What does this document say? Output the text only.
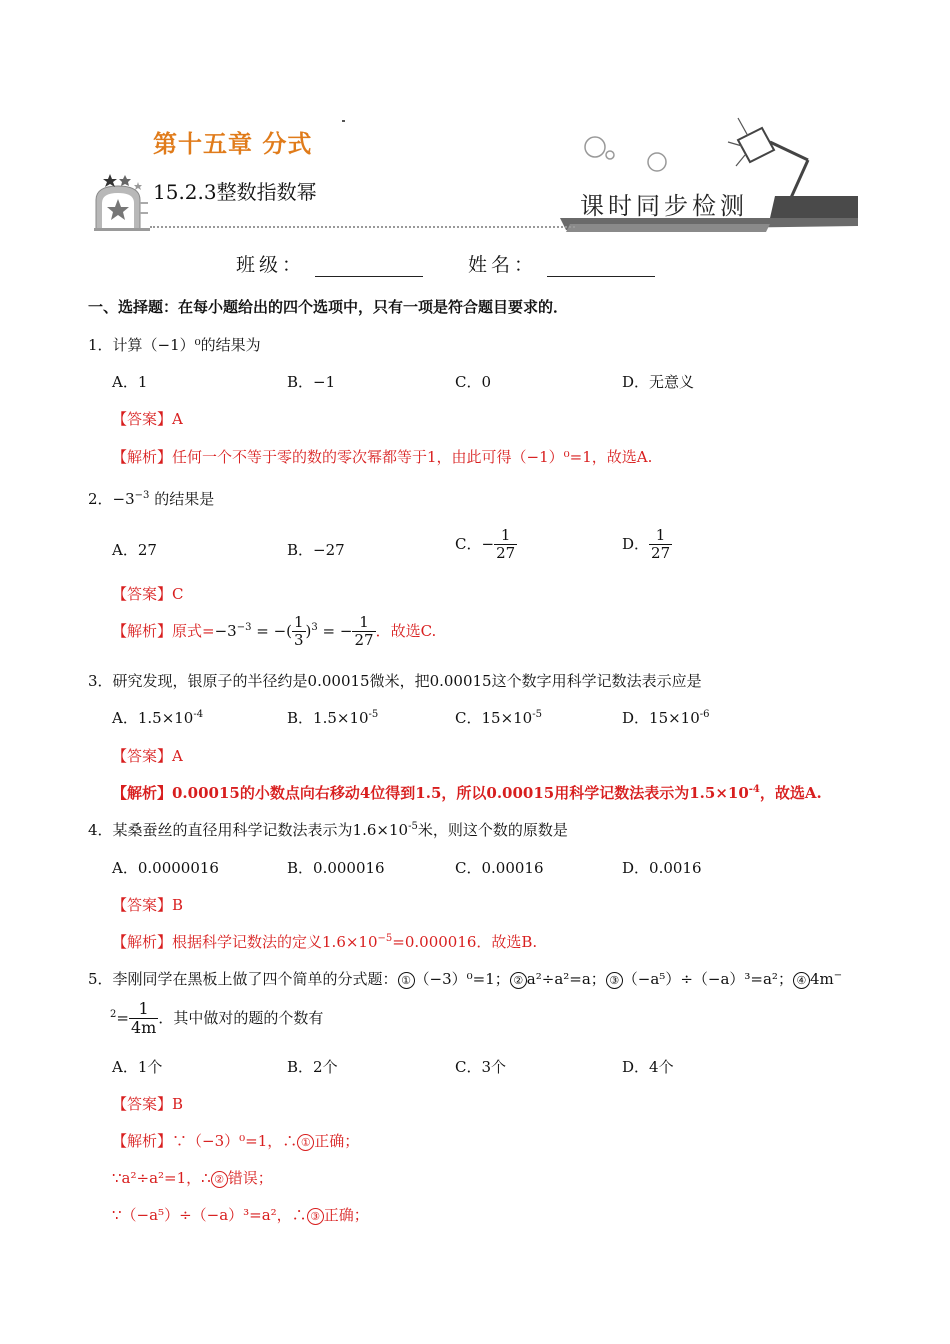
第十五章 分式
15.2.3整数指数幂	课时同步检测
班级：	姓名：
一、选择题：在每小题给出的四个选项中，只有一项是符合题目要求的．
1．计算（−1）⁰的结果为
A．1	B．−1	C．0	D．无意义
【答案】A
【解析】任何一个不等于零的数的零次幂都等于1，由此可得（−1）⁰=1，故选A.
2．$-3^{-3}$ 的结果是
A．27	B．−27	C．− $\frac{1}{27}$	D． $\frac{1}{27}$
【答案】C
【解析】原式$=-3^{-3}$ = −( $\frac{1}{3} )^3$ = − $\frac{1}{27}$ ．故选C.
3．研究发现，银原子的半径约是0.00015微米，把0.00015这个数字用科学记数法表示应是
A．$1.5\times 10^{-4}$	B．$1.5\times 10^{-5}$	C．$15\times 10^{-5}$	D．$15\times 10^{-6}$
【答案】A
【解析】0.00015的小数点向右移动4位得到1.5，所以0.00015用科学记数法表示为$1.5\times 10^{-4}$，故选A.
4．某桑蚕丝的直径用科学记数法表示为$1.6\times 10^{-5}$米，则这个数的原数是
A．0.0000016	B．0.000016	C．0.00016	D．0.0016
【答案】B
【解析】根据科学记数法的定义$1.6\times 10^{-5}=0.000016$．故选B.
5．李刚同学在黑板上做了四个简单的分式题： ① （−3）⁰=1； ② a²÷a²=a； ③ （−a⁵）÷（−a）³=a²； ④ 4m−
$^2= \frac{1}{4m}$ ．其中做对的题的个数有
A．1个	B．2个	C．3个	D．4个
【答案】B
【解析】∵（−3）⁰=1，∴ ① 正确；
∵a²÷a²=1，∴ ② 错误；
∵（−a⁵）÷（−a）³=a²，∴ ③ 正确；
